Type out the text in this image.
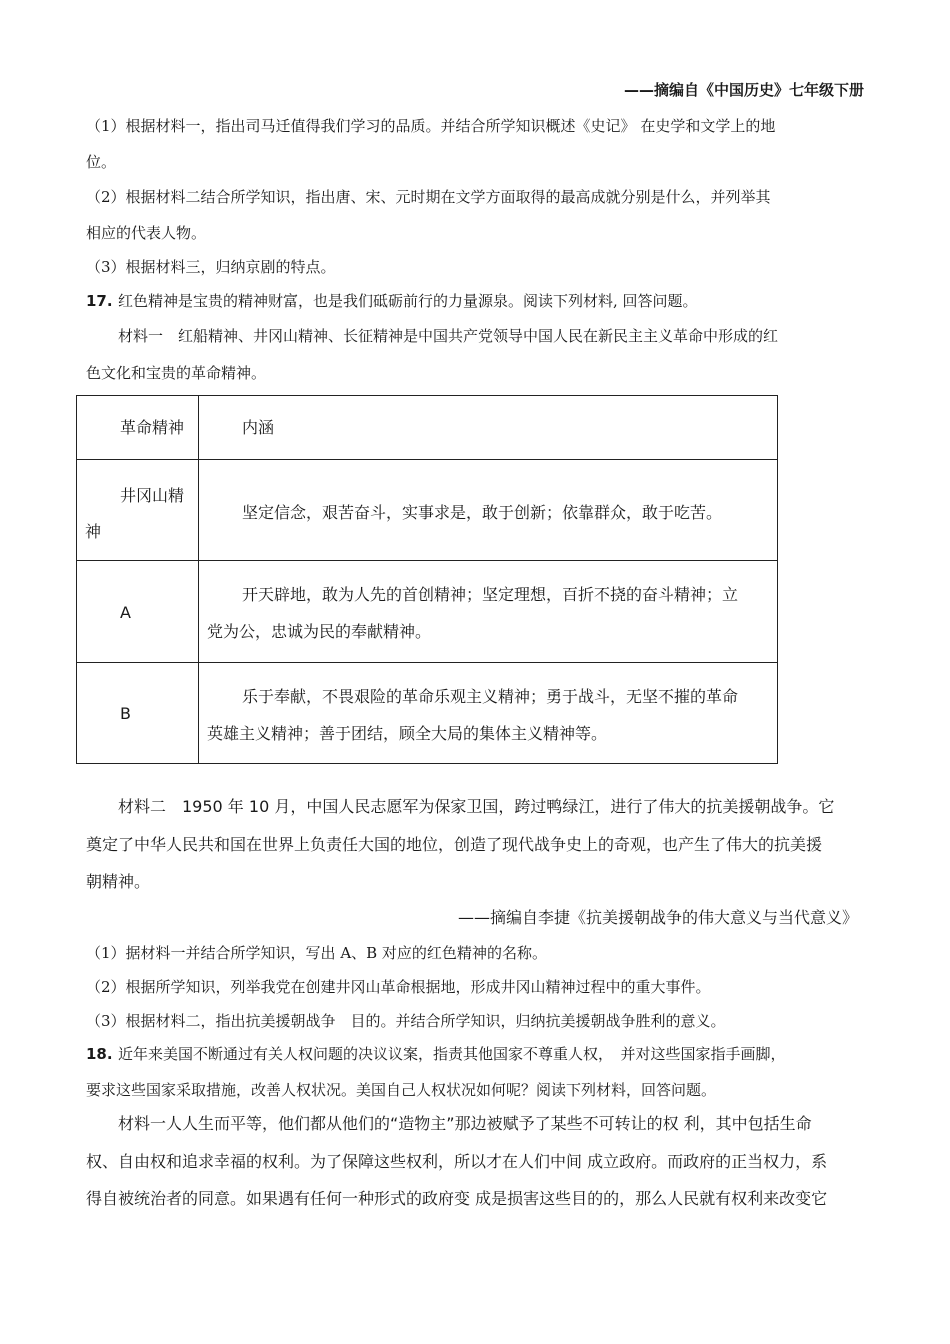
——摘编自《中国历史》七年级下册
（1）根据材料一，指出司马迁值得我们学习的品质。并结合所学知识概述《史记》 在史学和文学上的地
位。
（2）根据材料二结合所学知识，指出唐、宋、元时期在文学方面取得的最高成就分别是什么，并列举其
相应的代表人物。
（3）根据材料三，归纳京剧的特点。
17. 红色精神是宝贵的精神财富，也是我们砥砺前行的力量源泉。阅读下列材料, 回答问题。
材料一　红船精神、井冈山精神、长征精神是中国共产党领导中国人民在新民主主义革命中形成的红
色文化和宝贵的革命精神。
革命精神	内涵

井冈山精
神	坚定信念，艰苦奋斗，实事求是，敢于创新；依靠群众，敢于吃苦。

A	开天辟地，敢为人先的首创精神；坚定理想，百折不挠的奋斗精神；立
党为公，忠诚为民的奉献精神。

B	乐于奉献，不畏艰险的革命乐观主义精神；勇于战斗，无坚不摧的革命
英雄主义精神；善于团结，顾全大局的集体主义精神等。
材料二　1950 年 10 月，中国人民志愿军为保家卫国，跨过鸭绿江，进行了伟大的抗美援朝战争。它
奠定了中华人民共和国在世界上负责任大国的地位，创造了现代战争史上的奇观，也产生了伟大的抗美援
朝精神。
——摘编自李捷《抗美援朝战争的伟大意义与当代意义》
（1）据材料一并结合所学知识，写出 A、B 对应的红色精神的名称。
（2）根据所学知识，列举我党在创建井冈山革命根据地，形成井冈山精神过程中的重大事件。
（3）根据材料二，指出抗美援朝战争　目的。并结合所学知识，归纳抗美援朝战争胜利的意义。
18. 近年来美国不断通过有关人权问题的决议议案，指责其他国家不尊重人权，　并对这些国家指手画脚，
要求这些国家采取措施，改善人权状况。美国自己人权状况如何呢？阅读下列材料，回答问题。
材料一人人生而平等，他们都从他们的“造物主”那边被赋予了某些不可转让的权 利，其中包括生命
权、自由权和追求幸福的权利。为了保障这些权利，所以才在人们中间 成立政府。而政府的正当权力，系
得自被统治者的同意。如果遇有任何一种形式的政府变 成是损害这些目的的，那么人民就有权利来改变它
